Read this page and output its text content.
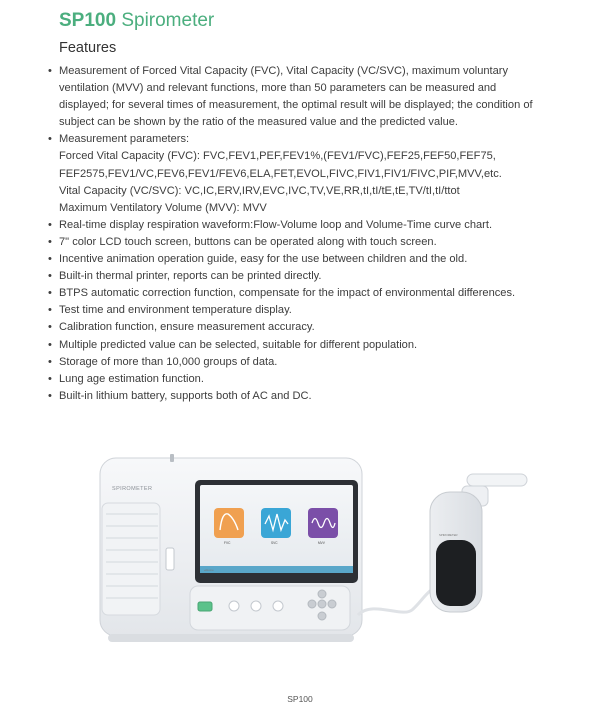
SP100 Spirometer
Features
• Measurement of Forced Vital Capacity (FVC), Vital Capacity (VC/SVC), maximum voluntary ventilation (MVV) and relevant functions, more than 50 parameters can be measured and displayed; for several times of measurement, the optimal result will be displayed; the condition of subject can be shown by the ratio of the measured value and the predicted value.
• Measurement parameters:
Forced Vital Capacity (FVC): FVC,FEV1,PEF,FEV1%,(FEV1/FVC),FEF25,FEF50,FEF75,
FEF2575,FEV1/VC,FEV6,FEV1/FEV6,ELA,FET,EVOL,FIVC,FIV1,FIV1/FIVC,PIF,MVV,etc.
Vital Capacity (VC/SVC): VC,IC,ERV,IRV,EVC,IVC,TV,VE,RR,tI,tI/tE,tE,TV/tI,tI/ttot
Maximum Ventilatory Volume (MVV): MVV
• Real-time display respiration waveform:Flow-Volume loop and Volume-Time curve chart.
• 7" color LCD touch screen, buttons can be operated along with touch screen.
• Incentive animation operation guide, easy for the use between children and the old.
• Built-in thermal printer, reports can be printed directly.
• BTPS automatic correction function, compensate for the impact of environmental differences.
• Test time and environment temperature display.
• Calibration function, ensure measurement accuracy.
• Multiple predicted value can be selected, suitable for different population.
• Storage of more than 10,000 groups of data.
• Lung age estimation function.
• Built-in lithium battery, supports both of AC and DC.
SPIROMETER
◂ Home
FVC	SVC	MVV
SPIROMETER
SP100
